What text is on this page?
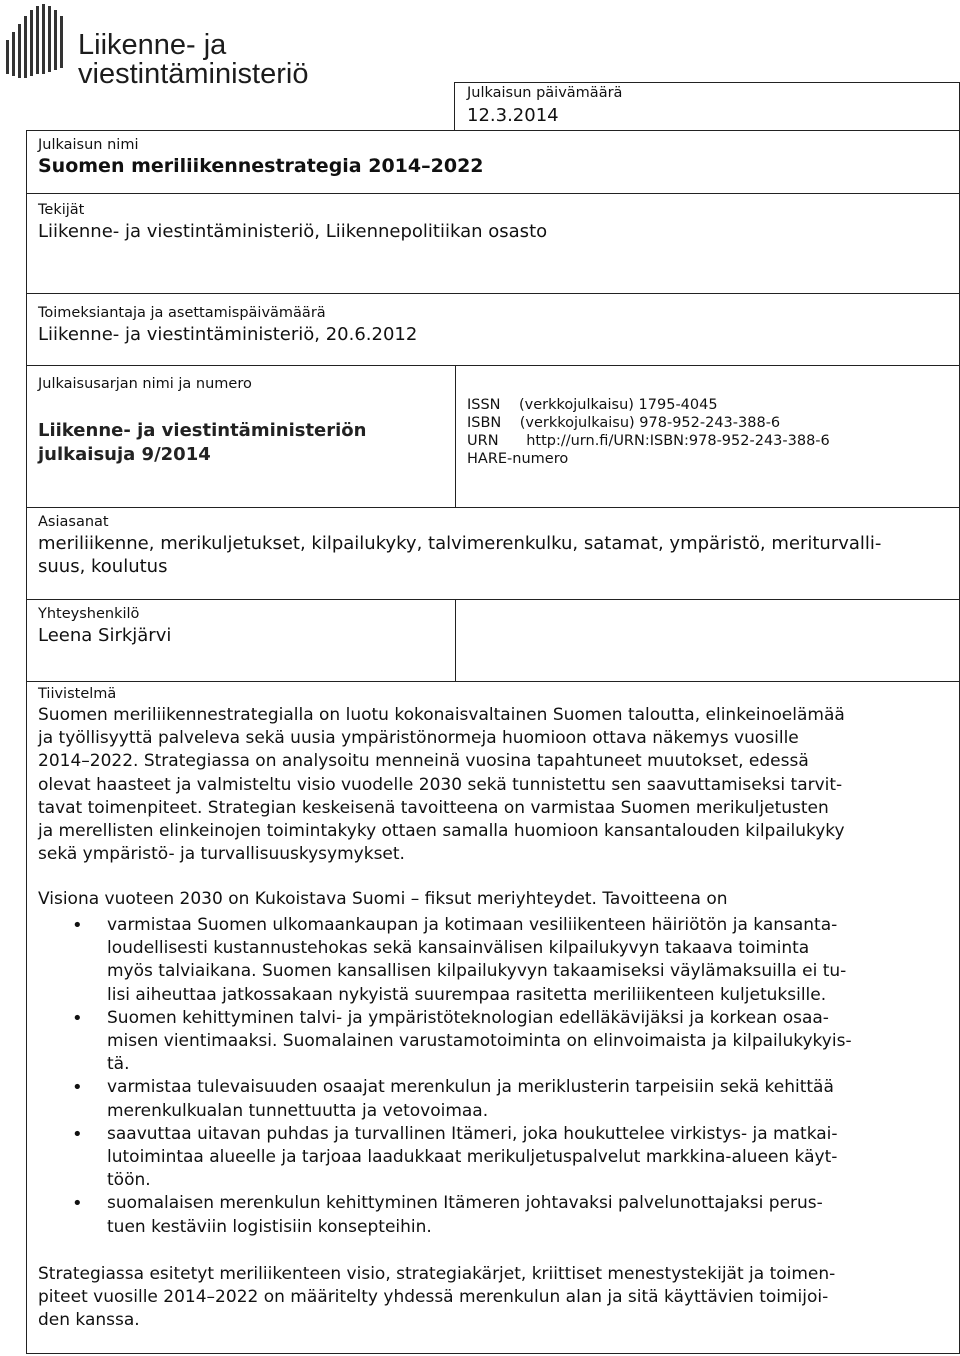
Liikenne- ja
viestintäministeriö
Julkaisun päivämäärä
12.3.2014
Julkaisun nimi
Suomen meriliikennestrategia 2014–2022
Tekijät
Liikenne- ja viestintäministeriö, Liikennepolitiikan osasto
Toimeksiantaja ja asettamispäivämäärä
Liikenne- ja viestintäministeriö, 20.6.2012
Julkaisusarjan nimi ja numero
Liikenne- ja viestintäministeriön
julkaisuja 9/2014
ISSN    (verkkojulkaisu) 1795-4045
ISBN    (verkkojulkaisu) 978-952-243-388-6
URN      http://urn.fi/URN:ISBN:978-952-243-388-6
HARE-numero
Asiasanat
meriliikenne, merikuljetukset, kilpailukyky, talvimerenkulku, satamat, ympäristö, meriturvalli-
suus, koulutus
Yhteyshenkilö
Leena Sirkjärvi
Tiivistelmä

Suomen meriliikennestrategialla on luotu kokonaisvaltainen Suomen taloutta, elinkeinoelämää

ja työllisyyttä palveleva sekä uusia ympäristönormeja huomioon ottava näkemys vuosille

2014–2022. Strategiassa on analysoitu menneinä vuosina tapahtuneet muutokset, edessä

olevat haasteet ja valmisteltu visio vuodelle 2030 sekä tunnistettu sen saavuttamiseksi tarvit-

tavat toimenpiteet. Strategian keskeisenä tavoitteena on varmistaa Suomen merikuljetusten

ja merellisten elinkeinojen toimintakyky ottaen samalla huomioon kansantalouden kilpailukyky

sekä ympäristö- ja turvallisuuskysymykset.

Visiona vuoteen 2030 on Kukoistava Suomi – fiksut meriyhteydet. Tavoitteena on

• varmistaa Suomen ulkomaankaupan ja kotimaan vesiliikenteen häiriötön ja kansanta-
loudellisesti kustannustehokas sekä kansainvälisen kilpailukyvyn takaava toiminta
myös talviaikana. Suomen kansallisen kilpailukyvyn takaamiseksi väylämaksuilla ei tu-
lisi aiheuttaa jatkossakaan nykyistä suurempaa rasitetta meriliikenteen kuljetuksille.
• Suomen kehittyminen talvi- ja ympäristöteknologian edelläkävijäksi ja korkean osaa-
misen vientimaaksi. Suomalainen varustamotoiminta on elinvoimaista ja kilpailukykyis-
tä.
• varmistaa tulevaisuuden osaajat merenkulun ja meriklusterin tarpeisiin sekä kehittää
merenkulkualan tunnettuutta ja vetovoimaa.
• saavuttaa uitavan puhdas ja turvallinen Itämeri, joka houkuttelee virkistys- ja matkai-
lutoimintaa alueelle ja tarjoaa laadukkaat merikuljetuspalvelut markkina-alueen käyt-
töön.
• suomalaisen merenkulun kehittyminen Itämeren johtavaksi palvelunottajaksi perus-
tuen kestäviin logistisiin konsepteihin.

Strategiassa esitetyt meriliikenteen visio, strategiakärjet, kriittiset menestystekijät ja toimen-

piteet vuosille 2014–2022 on määritelty yhdessä merenkulun alan ja sitä käyttävien toimijoi-

den kanssa.
